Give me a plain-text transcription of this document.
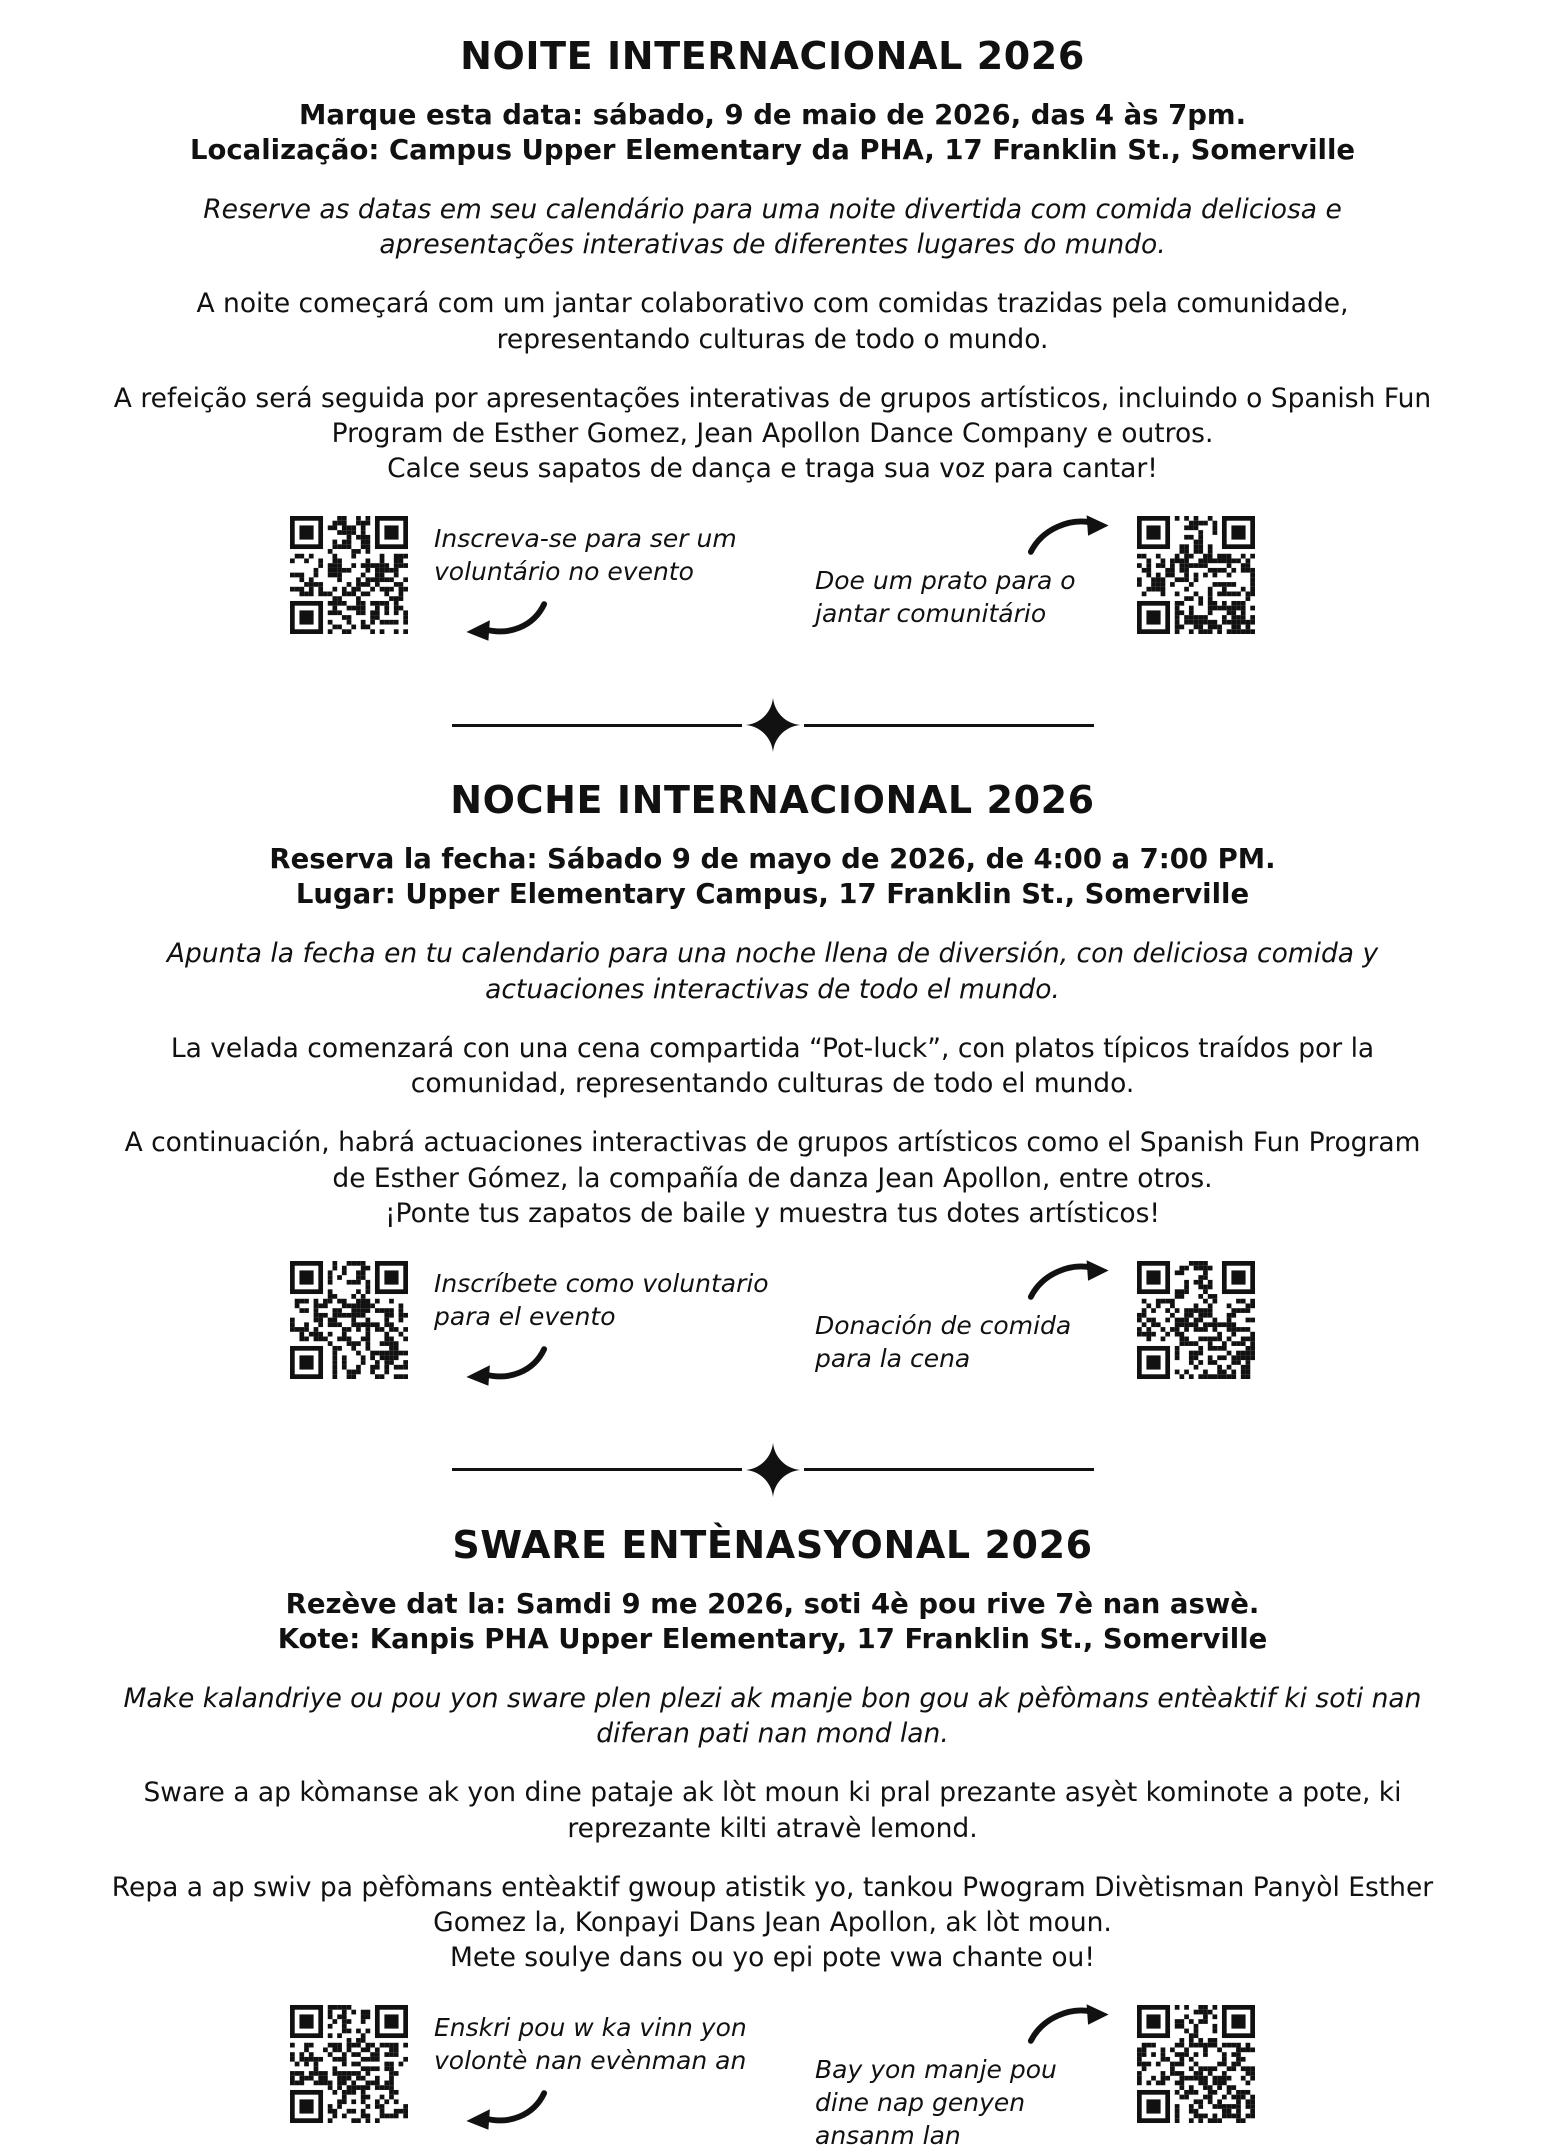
NOITE INTERNACIONAL 2026

Marque esta data: sábado, 9 de maio de 2026, das 4 às 7pm.

Localização: Campus Upper Elementary da PHA, 17 Franklin St., Somerville

Reserve as datas em seu calendário para uma noite divertida com comida deliciosa e apresentações interativas de diferentes lugares do mundo.

A noite começará com um jantar colaborativo com comidas trazidas pela comunidade, representando culturas de todo o mundo.

A refeição será seguida por apresentações interativas de grupos artísticos, incluindo o Spanish Fun Program de Esther Gomez, Jean Apollon Dance Company e outros.

Calce seus sapatos de dança e traga sua voz para cantar!

Inscreva-se para ser um voluntário no evento	Doe um prato para o jantar comunitário

NOCHE INTERNACIONAL 2026

Reserva la fecha: Sábado 9 de mayo de 2026, de 4:00 a 7:00 PM.

Lugar: Upper Elementary Campus, 17 Franklin St., Somerville

Apunta la fecha en tu calendario para una noche llena de diversión, con deliciosa comida y actuaciones interactivas de todo el mundo.

La velada comenzará con una cena compartida “Pot-luck”, con platos típicos traídos por la comunidad, representando culturas de todo el mundo.

A continuación, habrá actuaciones interactivas de grupos artísticos como el Spanish Fun Program de Esther Gómez, la compañía de danza Jean Apollon, entre otros.

¡Ponte tus zapatos de baile y muestra tus dotes artísticos!

Inscríbete como voluntario para el evento	Donación de comida para la cena

SWARE ENTÈNASYONAL 2026

Rezève dat la: Samdi 9 me 2026, soti 4è pou rive 7è nan aswè.

Kote: Kanpis PHA Upper Elementary, 17 Franklin St., Somerville

Make kalandriye ou pou yon sware plen plezi ak manje bon gou ak pèfòmans entèaktif ki soti nan diferan pati nan mond lan.

Sware a ap kòmanse ak yon dine pataje ak lòt moun ki pral prezante asyèt kominote a pote, ki reprezante kilti atravè lemond.

Repa a ap swiv pa pèfòmans entèaktif gwoup atistik yo, tankou Pwogram Divètisman Panyòl Esther Gomez la, Konpayi Dans Jean Apollon, ak lòt moun.

Mete soulye dans ou yo epi pote vwa chante ou!

Enskri pou w ka vinn yon volontè nan evènman an	Bay yon manje pou dine nap genyen ansanm lan
